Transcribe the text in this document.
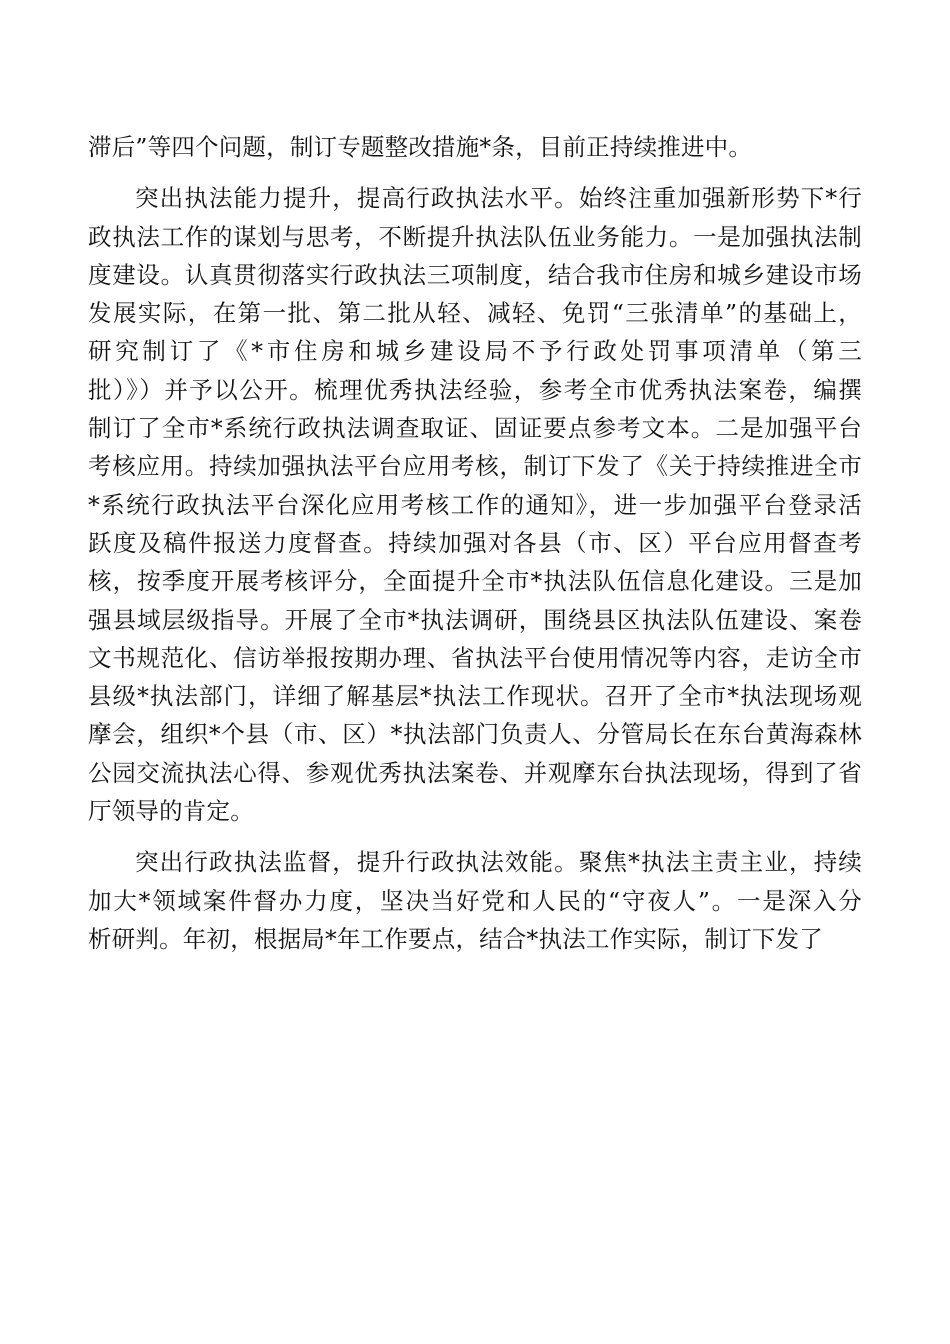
滞后”等四个问题，制订专题整改措施*条，目前正持续推进中。
突出执法能力提升，提高行政执法水平。始终注重加强新形势下*行
政执法工作的谋划与思考，不断提升执法队伍业务能力。一是加强执法制
度建设。认真贯彻落实行政执法三项制度，结合我市住房和城乡建设市场
发展实际，在第一批、第二批从轻、减轻、免罚“三张清单”的基础上，
研究制订了《*市住房和城乡建设局不予行政处罚事项清单（第三
批）》）并予以公开。梳理优秀执法经验，参考全市优秀执法案卷，编撰
制订了全市*系统行政执法调查取证、固证要点参考文本。二是加强平台
考核应用。持续加强执法平台应用考核，制订下发了《关于持续推进全市
*系统行政执法平台深化应用考核工作的通知》，进一步加强平台登录活
跃度及稿件报送力度督查。持续加强对各县（市、区）平台应用督查考
核，按季度开展考核评分，全面提升全市*执法队伍信息化建设。三是加
强县域层级指导。开展了全市*执法调研，围绕县区执法队伍建设、案卷
文书规范化、信访举报按期办理、省执法平台使用情况等内容，走访全市
县级*执法部门，详细了解基层*执法工作现状。召开了全市*执法现场观
摩会，组织*个县（市、区）*执法部门负责人、分管局长在东台黄海森林
公园交流执法心得、参观优秀执法案卷、并观摩东台执法现场，得到了省
厅领导的肯定。
突出行政执法监督，提升行政执法效能。聚焦*执法主责主业，持续
加大*领域案件督办力度，坚决当好党和人民的“守夜人”。一是深入分
析研判。年初，根据局*年工作要点，结合*执法工作实际，制订下发了
